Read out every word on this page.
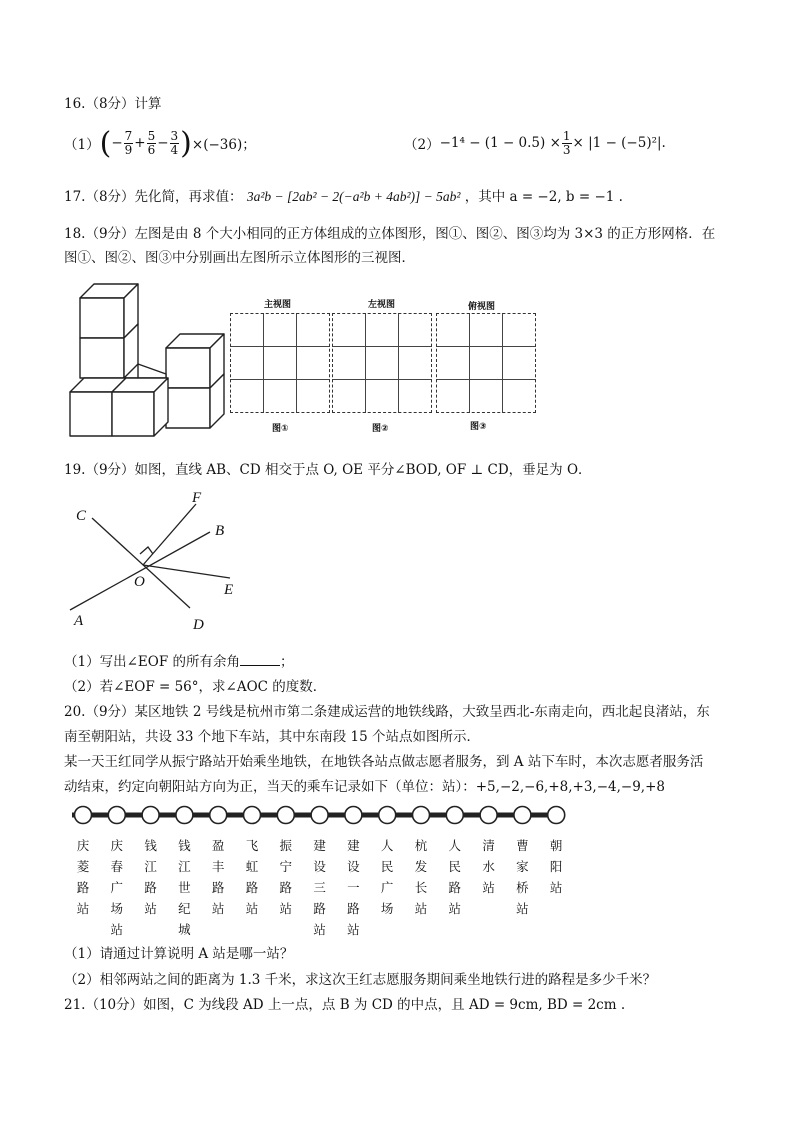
16.（8分）计算
（1） ( − $\frac{7}{9} + \frac{5}{6} - \frac{3}{4}$ ) ×(−36)；	$(2) -1^4 - (1 - 0.5) \times \frac{1}{3} \times |1 - (-5)^2|$.
17.（8分）先化简，再求值： 3a²b − [2ab² − 2(−a²b + 4ab²)] − 5ab² ，其中 a = −2, b = −1 .
18.（9分）左图是由 8 个大小相同的正方体组成的立体图形，图①、图②、图③均为 3×3 的正方形网格．在
图①、图②、图③中分别画出左图所示立体图形的三视图．
主视图
图①
左视图
图②
俯视图
图③
19.（9分）如图，直线 AB、CD 相交于点 O, OE 平分∠BOD, OF ⊥ CD，垂足为 O．
C
F
B
O	E
A	D
（1）写出∠EOF 的所有余角	；
（2）若∠EOF = 56°，求∠AOC 的度数．
20.（9分）某区地铁 2 号线是杭州市第二条建成运营的地铁线路，大致呈西北-东南走向，西北起良渚站，东
南至朝阳站，共设 33 个地下车站，其中东南段 15 个站点如图所示．
某一天王红同学从振宁路站开始乘坐地铁，在地铁各站点做志愿者服务，到 A 站下车时，本次志愿者服务活
动结束，约定向朝阳站方向为正，当天的乘车记录如下（单位：站）：+5,−2,−6,+8,+3,−4,−9,+8
庆
菱
路
站
庆
春
广
场
站
钱
江
路
站
钱
江
世
纪
城
盈
丰
路
站
飞
虹
路
站
振
宁
路
站
建
设
三
路
站
建
设
一
路
站
人
民
广
场
杭
发
长
站
人
民
路
站
清
水
站
曹
家
桥
站
朝
阳
站
（1）请通过计算说明 A 站是哪一站？
（2）相邻两站之间的距离为 1.3 千米，求这次王红志愿服务期间乘坐地铁行进的路程是多少千米？
21.（10分）如图，C 为线段 AD 上一点，点 B 为 CD 的中点，且 AD = 9cm, BD = 2cm .
